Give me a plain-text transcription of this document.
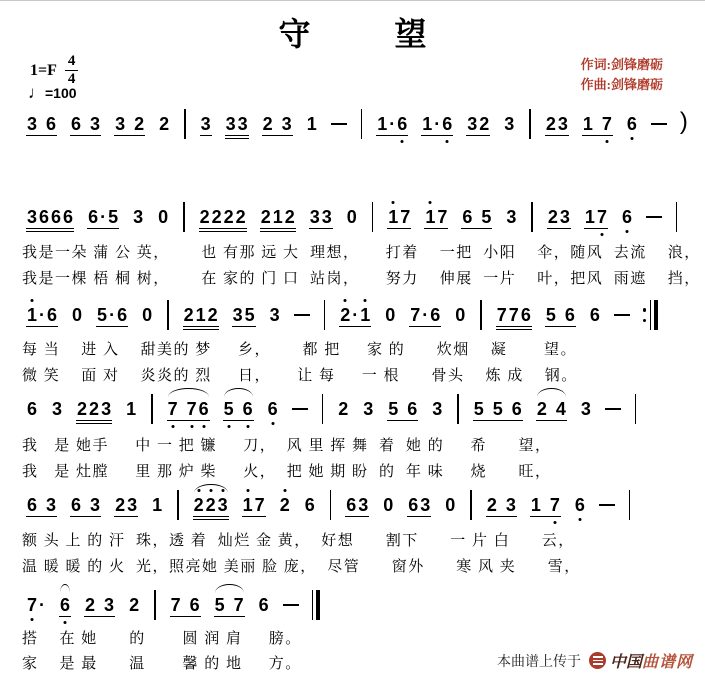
守　望
$1=F \frac{4}{4}$
♩=100
作词:剑锋磨砺
作曲:剑锋磨砺
3 6 6 3 3 2 2 3 3 3 2 3 1	1 · 6 1 · 6 3 2 3 2 3 1 7 6 )
3 6 6 6 6 · 5 3 0 2 2 2 2 2 1 2 3 3 0 1 7 1 7 6 5 3 2 3 1 7 6
1 · 6 0 5 · 6 0 2 1 2 3 5 3	2 · 1 0 7 · 6 0 7 7 6 5 6 6
6 3 2 2 3 1 7 7 6 5 6 6	2 3 5 6 3 5 5 6 2 4 3
6 3 6 3 2 3 1 2 2 3 1 7 2 6 6 3 0 6 3 0 2 3 1 7 6
7 · 6 2 3 2 7 6 5 7 6
我是一朵 蒲 公 英，      也 有那 远 大  理想，     打着    一把  小阳    伞，随风  去流    浪，
我是一棵 梧 桐 树，      在 家的 门 口  站岗，     努力    伸展  一片    叶，把风  雨遮    挡，
每 当    进 入    甜美的 梦     乡，      都 把     家 的      炊烟    凝       望。
微 笑    面 对    炎炎的 烈     日，     让 每     一 根      骨头    炼 成    钢。
我   是 她手     中 一 把 镰     刀，  风 里 挥 舞  着  她 的     希      望，
我   是 灶膛     里 那 炉 柴     火，  把 她 期 盼  的  年 味     烧      旺，
额 头 上 的 汗  珠，透 着  灿烂 金 黄，  好想      割下      一 片 白      云，
温 暖 暖 的 火  光，照亮她 美丽 脸 庞，  尽管      窗外      寒 风 夹      雪，
搭    在 她      的       圆 润 肩     膀。
家    是 最      温       馨 的 地     方。	本曲谱上传于 中国 曲谱网
